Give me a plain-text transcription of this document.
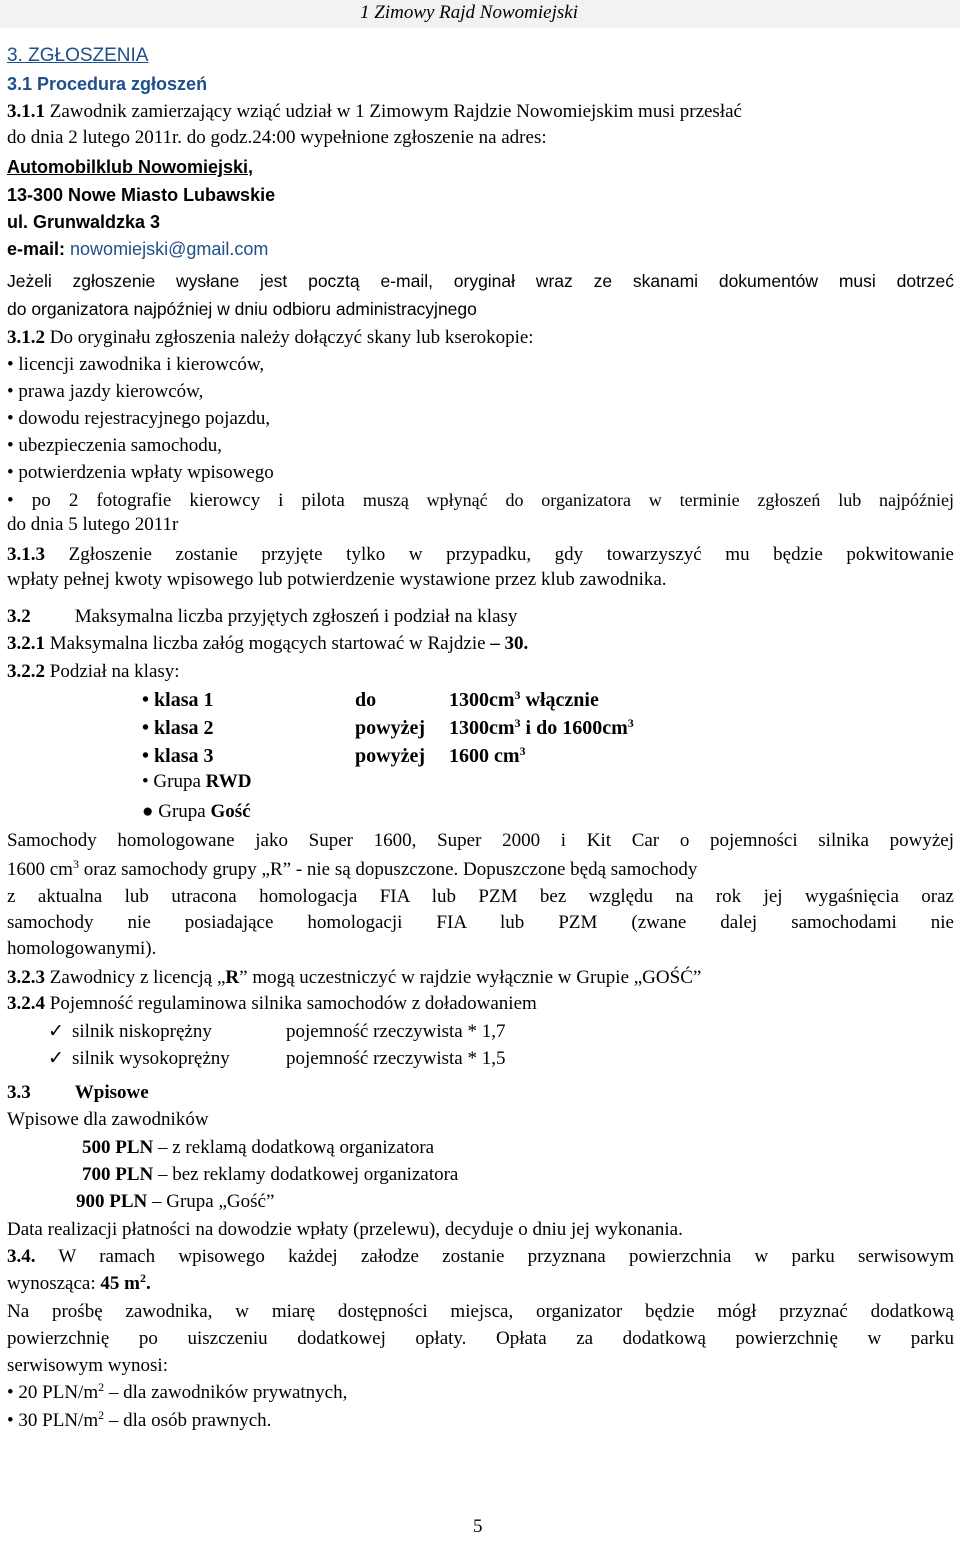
1 Zimowy Rajd Nowomiejski
3. ZGŁOSZENIA
3.1 Procedura zgłoszeń
3.1.1 Zawodnik zamierzający wziąć udział w 1 Zimowym Rajdzie Nowomiejskim musi przesłać
do dnia 2 lutego 2011r. do godz.24:00 wypełnione zgłoszenie na adres:
Automobilklub Nowomiejski,
13-300 Nowe Miasto Lubawskie
ul. Grunwaldzka 3
e-mail: nowomiejski@gmail.com
Jeżeli zgłoszenie wysłane jest pocztą e-mail, oryginał wraz ze skanami dokumentów musi dotrzeć
do organizatora najpóźniej w dniu odbioru administracyjnego
3.1.2 Do oryginału zgłoszenia należy dołączyć skany lub kserokopie:
• licencji zawodnika i kierowców,
• prawa jazdy kierowców,
• dowodu rejestracyjnego pojazdu,
• ubezpieczenia samochodu,
• potwierdzenia wpłaty wpisowego
• po 2 fotografie kierowcy i pilota muszą wpłynąć do organizatora w terminie zgłoszeń lub najpóźniej
do dnia 5 lutego 2011r
3.1.3 Zgłoszenie zostanie przyjęte tylko w przypadku, gdy towarzyszyć mu będzie pokwitowanie
wpłaty pełnej kwoty wpisowego lub potwierdzenie wystawione przez klub zawodnika.
3.2 Maksymalna liczba przyjętych zgłoszeń i podział na klasy
3.2.1 Maksymalna liczba załóg mogących startować w Rajdzie – 30.
3.2.2 Podział na klasy:
• klasa 1	do	$1300cm^3$ włącznie
• klasa 2	powyżej $1300cm^3$ i do $1600cm^3$
• klasa 3	powyżej 1600 $cm^3$
• Grupa RWD
● Grupa Gość
Samochody homologowane jako Super 1600, Super 2000 i Kit Car o pojemności silnika powyżej
1600 $cm^3$ oraz samochody grupy „R” - nie są dopuszczone. Dopuszczone będą samochody
z aktualna lub utracona homologacja FIA lub PZM bez względu na rok jej wygaśnięcia oraz
samochody nie posiadające homologacji FIA lub PZM (zwane dalej samochodami nie
homologowanymi).
3.2.3 Zawodnicy z licencją „R” mogą uczestniczyć w rajdzie wyłącznie w Grupie „GOŚĆ”
3.2.4 Pojemność regulaminowa silnika samochodów z doładowaniem
✓ silnik niskoprężny	pojemność rzeczywista * 1,7
✓ silnik wysokoprężny	pojemność rzeczywista * 1,5
3.3 Wpisowe
Wpisowe dla zawodników
500 PLN – z reklamą dodatkową organizatora
700 PLN – bez reklamy dodatkowej organizatora
900 PLN – Grupa „Gość”
Data realizacji płatności na dowodzie wpłaty (przelewu), decyduje o dniu jej wykonania.
3.4. W ramach wpisowego każdej załodze zostanie przyznana powierzchnia w parku serwisowym
wynosząca: 45 $m^2$.
Na prośbę zawodnika, w miarę dostępności miejsca, organizator będzie mógł przyznać dodatkową
powierzchnię po uiszczeniu dodatkowej opłaty. Opłata za dodatkową powierzchnię w parku
serwisowym wynosi:
• 20 PLN/$m^2$ – dla zawodników prywatnych,
• 30 PLN/$m^2$ – dla osób prawnych.
5
